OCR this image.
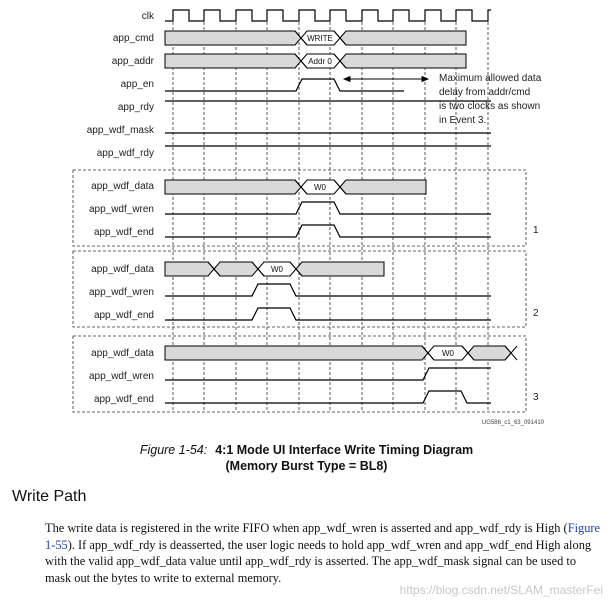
clk
app_cmd
app_addr
app_en
app_rdy
app_wdf_mask
app_wdf_rdy
app_wdf_data
app_wdf_wren
app_wdf_end
app_wdf_data
app_wdf_wren
app_wdf_end
app_wdf_data
app_wdf_wren
app_wdf_end
1
2
3
WRITE
Addr 0
Maximum allowed data
delay from addr/cmd
is two clocks as shown
in Event 3.
W0
W0
W0
UG586_c1_63_091410
Figure 1-54: 4:1 Mode UI Interface Write Timing Diagram
(Memory Burst Type = BL8)
Write Path

The write data is registered in the write FIFO when app_wdf_wren is asserted and app_wdf_rdy is High (Figure 1-55). If app_wdf_rdy is deasserted, the user logic needs to hold app_wdf_wren and app_wdf_end High along with the valid app_wdf_data value until app_wdf_rdy is asserted. The app_wdf_mask signal can be used to mask out the bytes to write to external memory.

https://blog.csdn.net/SLAM_masterFei
